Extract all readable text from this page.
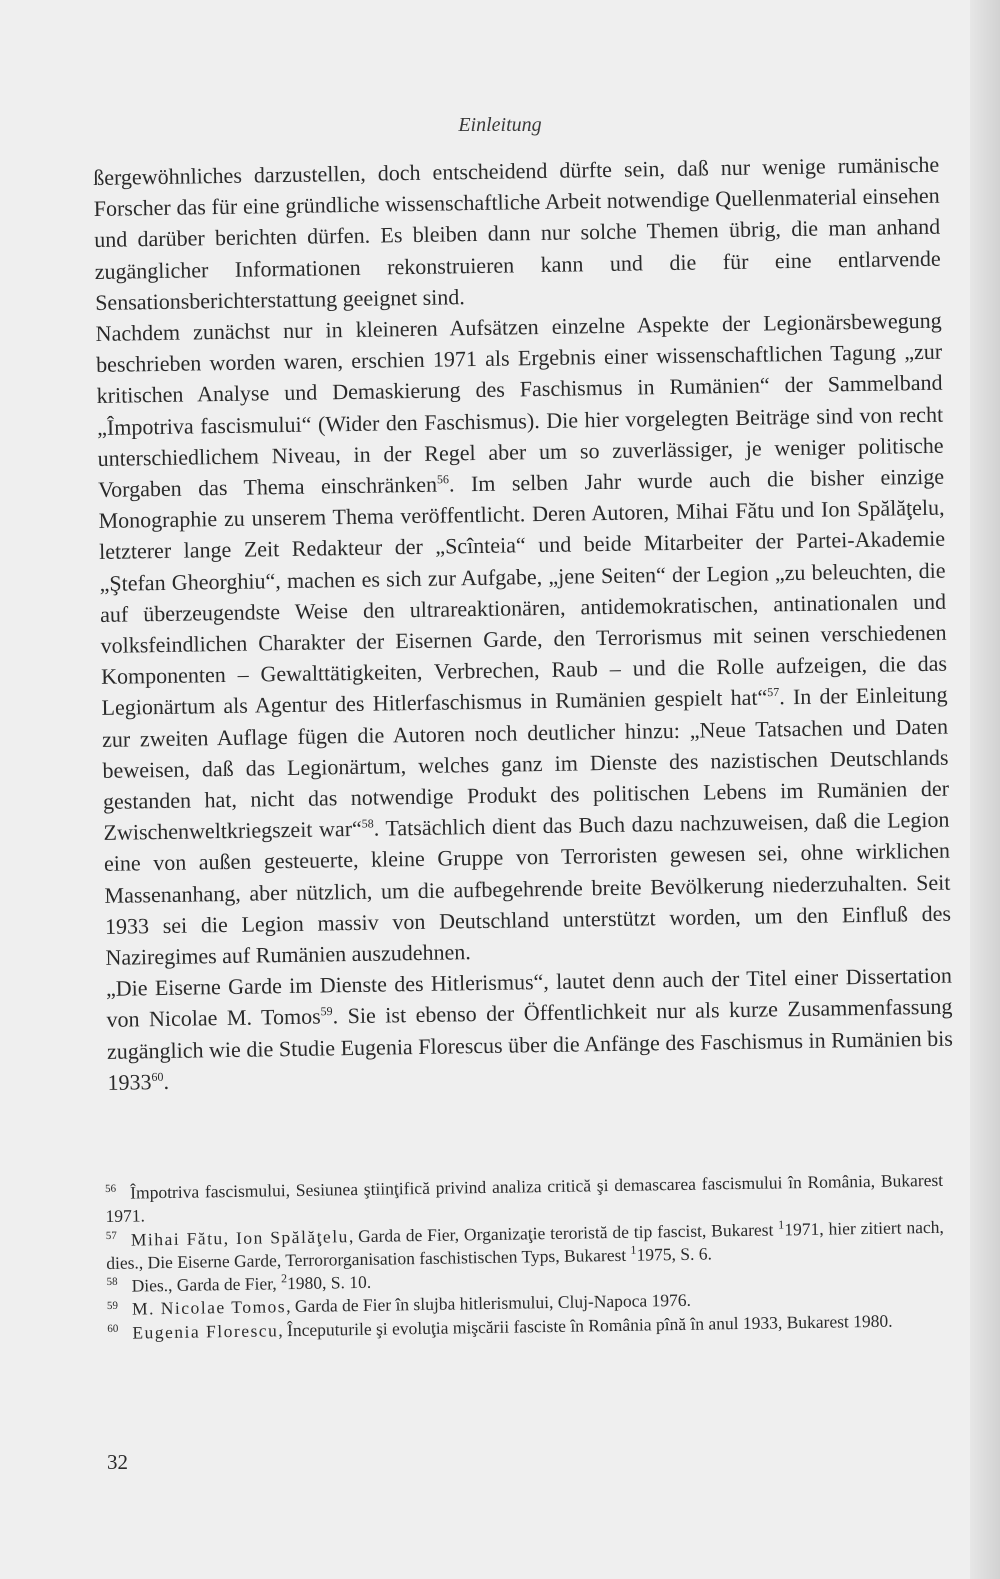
Einleitung

ßergewöhnliches darzustellen, doch entscheidend dürfte sein, daß nur wenige rumänische Forscher das für eine gründliche wissenschaftliche Arbeit notwendige Quellenmaterial einsehen und darüber berichten dürfen. Es bleiben dann nur solche Themen übrig, die man anhand zugänglicher Informationen rekonstruieren kann und die für eine entlarvende Sensationsberichterstattung geeignet sind.

Nachdem zunächst nur in kleineren Aufsätzen einzelne Aspekte der Legionärsbewegung beschrieben worden waren, erschien 1971 als Ergebnis einer wissenschaftlichen Tagung „zur kritischen Analyse und Demaskierung des Faschismus in Rumänien“ der Sammelband „Împotriva fascismului“ (Wider den Faschismus). Die hier vorgelegten Beiträge sind von recht unterschiedlichem Niveau, in der Regel aber um so zuverlässiger, je weniger politische Vorgaben das Thema einschränken$^{56}$. Im selben Jahr wurde auch die bisher einzige Monographie zu unserem Thema veröffentlicht. Deren Autoren, Mihai Fătu und Ion Spălăţelu, letzterer lange Zeit Redakteur der „Scînteia“ und beide Mitarbeiter der Partei-Akademie „Ştefan Gheorghiu“, machen es sich zur Aufgabe, „jene Seiten“ der Legion „zu beleuchten, die auf überzeugendste Weise den ultrareaktionären, antidemokratischen, antinationalen und volksfeindlichen Charakter der Eisernen Garde, den Terrorismus mit seinen verschiedenen Komponenten – Gewalttätigkeiten, Verbrechen, Raub – und die Rolle aufzeigen, die das Legionärtum als Agentur des Hitlerfaschismus in Rumänien gespielt hat“$^{57}$. In der Einleitung zur zweiten Auflage fügen die Autoren noch deutlicher hinzu: „Neue Tatsachen und Daten beweisen, daß das Legionärtum, welches ganz im Dienste des nazistischen Deutschlands gestanden hat, nicht das notwendige Produkt des politischen Lebens im Rumänien der Zwischenweltkriegszeit war“$^{58}$. Tatsächlich dient das Buch dazu nachzuweisen, daß die Legion eine von außen gesteuerte, kleine Gruppe von Terroristen gewesen sei, ohne wirklichen Massenanhang, aber nützlich, um die aufbegehrende breite Bevölkerung niederzuhalten. Seit 1933 sei die Legion massiv von Deutschland unterstützt worden, um den Einfluß des Naziregimes auf Rumänien auszudehnen.

„Die Eiserne Garde im Dienste des Hitlerismus“, lautet denn auch der Titel einer Dissertation von Nicolae M. Tomos$^{59}$. Sie ist ebenso der Öffentlichkeit nur als kurze Zusammenfassung zugänglich wie die Studie Eugenia Florescus über die Anfänge des Faschismus in Rumänien bis 1933$^{60}$.

$^{56}$ Împotriva fascismului, Sesiunea ştiinţifică privind analiza critică şi demascarea fascismului în România, Bukarest 1971.

$^{57}$ Mihai Fătu, Ion Spălăţelu, Garda de Fier, Organizaţie teroristă de tip fascist, Bukarest $^1$1971, hier zitiert nach, dies., Die Eiserne Garde, Terrororganisation faschistischen Typs, Bukarest $^1$1975, S. 6.

$^{58}$ Dies., Garda de Fier, $^2$1980, S. 10.

$^{59}$ M. Nicolae Tomos, Garda de Fier în slujba hitlerismului, Cluj-Napoca 1976.

$^{60}$ Eugenia Florescu, Începuturile şi evoluţia mişcării fasciste în România pînă în anul 1933, Bukarest 1980.

32
